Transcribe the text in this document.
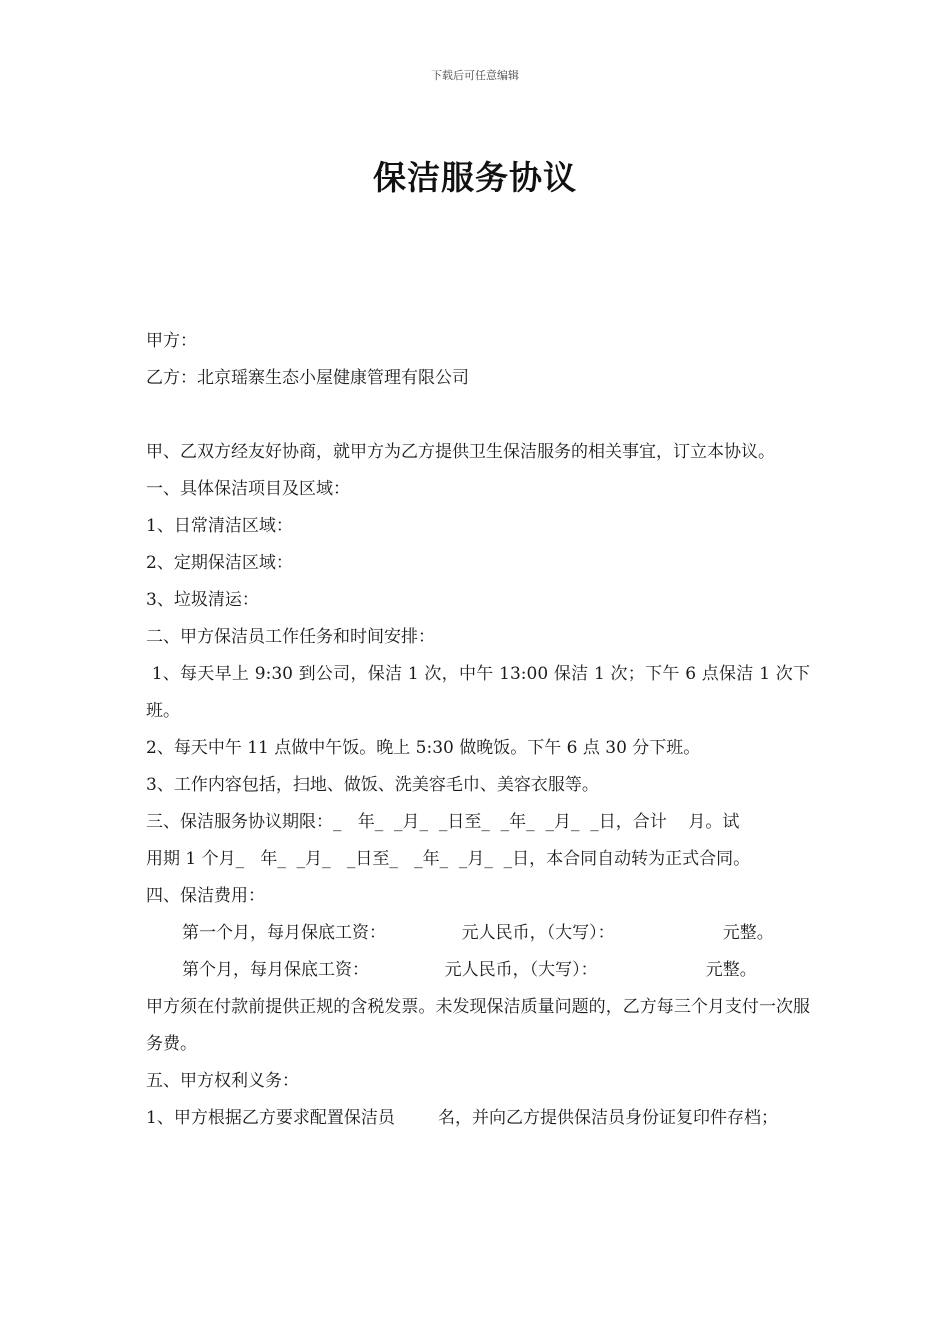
下载后可任意编辑
保洁服务协议

甲方：

乙方：北京瑶寨生态小屋健康管理有限公司

甲、乙双方经友好协商，就甲方为乙方提供卫生保洁服务的相关事宜，订立本协议。

一、具体保洁项目及区域：

1、日常清洁区域：

2、定期保洁区域：

3、垃圾清运：

二、甲方保洁员工作任务和时间安排：

1、每天早上 9:30 到公司，保洁 1 次，中午 13:00 保洁 1 次；下午 6 点保洁 1 次下班。

2、每天中午 11 点做中午饭。晚上 5:30 做晚饭。下午 6 点 30 分下班。

3、工作内容包括，扫地、做饭、洗美容毛巾、美容衣服等。

三、保洁服务协议期限：_   年_  _月_  _日至_  _年_  _月_  _日，合计    月。试

用期 1 个月_   年_  _月_   _日至_   _年_  _月_  _日，本合同自动转为正式合同。

四、保洁费用：

第一个月，每月保底工资：              元人民币，（大写）：                    元整。

第个月，每月保底工资：              元人民币，（大写）：                    元整。

甲方须在付款前提供正规的含税发票。未发现保洁质量问题的，乙方每三个月支付一次服务费。

五、甲方权利义务：

1、甲方根据乙方要求配置保洁员        名，并向乙方提供保洁员身份证复印件存档；
